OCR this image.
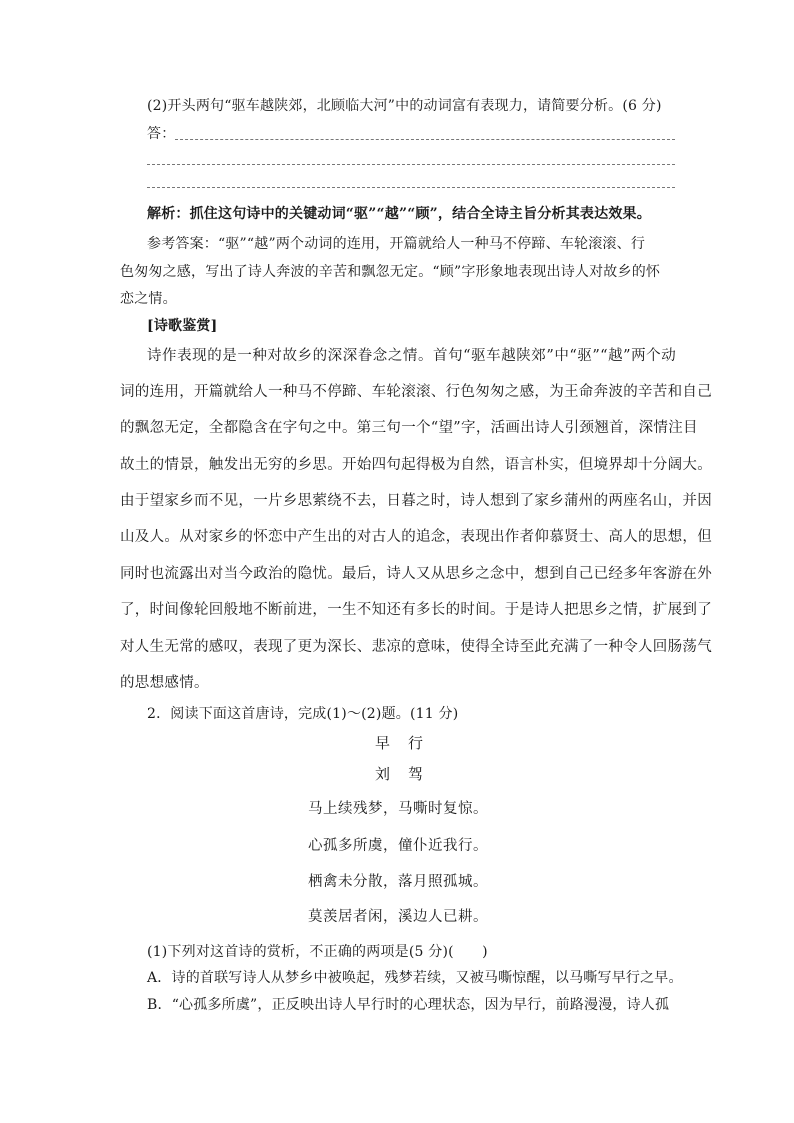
(2)开头两句“驱车越陕郊，北顾临大河”中的动词富有表现力，请简要分析。(6 分)
答：
解析：抓住这句诗中的关键动词“驱”“越”“顾”，结合全诗主旨分析其表达效果。
参考答案：“驱”“越”两个动词的连用，开篇就给人一种马不停蹄、车轮滚滚、行
色匆匆之感，写出了诗人奔波的辛苦和飘忽无定。“顾”字形象地表现出诗人对故乡的怀
恋之情。
[诗歌鉴赏]
诗作表现的是一种对故乡的深深眷念之情。首句“驱车越陕郊”中“驱”“越”两个动
词的连用，开篇就给人一种马不停蹄、车轮滚滚、行色匆匆之感，为王命奔波的辛苦和自己
的飘忽无定，全都隐含在字句之中。第三句一个“望”字，活画出诗人引颈翘首，深情注目
故土的情景，触发出无穷的乡思。开始四句起得极为自然，语言朴实，但境界却十分阔大。
由于望家乡而不见，一片乡思萦绕不去，日暮之时，诗人想到了家乡蒲州的两座名山，并因
山及人。从对家乡的怀恋中产生出的对古人的追念，表现出作者仰慕贤士、高人的思想，但
同时也流露出对当今政治的隐忧。最后，诗人又从思乡之念中，想到自己已经多年客游在外
了，时间像轮回般地不断前进，一生不知还有多长的时间。于是诗人把思乡之情，扩展到了
对人生无常的感叹，表现了更为深长、悲凉的意味，使得全诗至此充满了一种令人回肠荡气
的思想感情。
2．阅读下面这首唐诗，完成(1)～(2)题。(11 分)
早行
刘驾
马上续残梦，马嘶时复惊。
心孤多所虞，僮仆近我行。
栖禽未分散，落月照孤城。
莫羡居者闲，溪边人已耕。
(1)下列对这首诗的赏析，不正确的两项是(5 分)(　　)
A．诗的首联写诗人从梦乡中被唤起，残梦若续，又被马嘶惊醒，以马嘶写早行之早。
B．“心孤多所虞”，正反映出诗人早行时的心理状态，因为早行，前路漫漫，诗人孤
